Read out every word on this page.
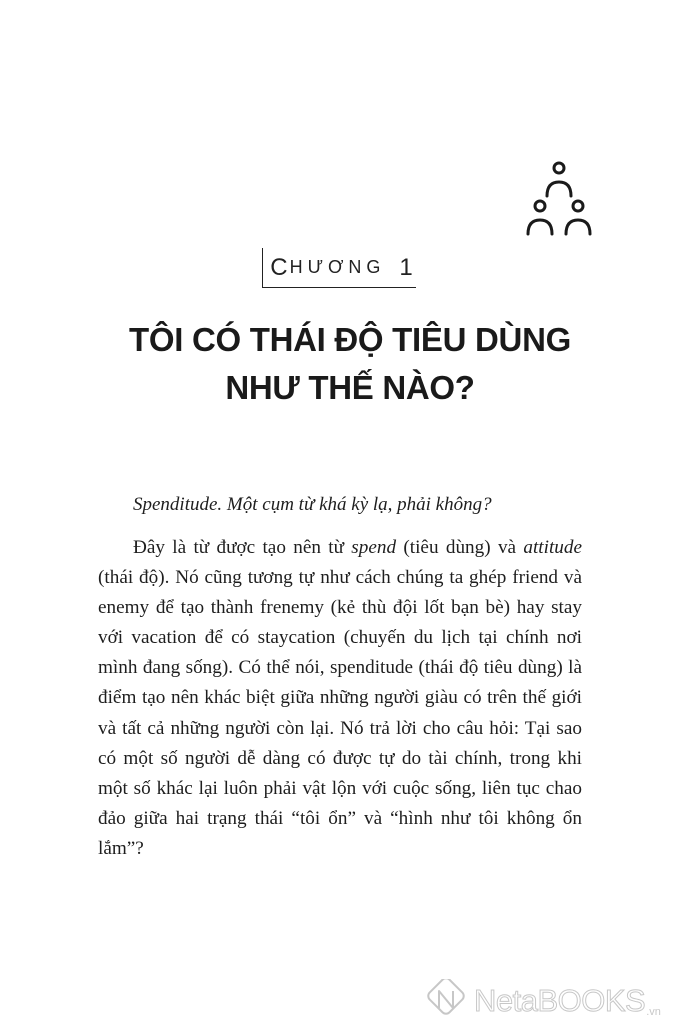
C HƯƠNG 1
TÔI CÓ THÁI ĐỘ TIÊU DÙNG
NHƯ THẾ NÀO?
Spenditude. Một cụm từ khá kỳ lạ, phải không?
Đây là từ được tạo nên từ spend (tiêu dùng) và attitude (thái độ). Nó cũng tương tự như cách chúng ta ghép friend và enemy để tạo thành frenemy (kẻ thù đội lốt bạn bè) hay stay với vacation để có staycation (chuyến du lịch tại chính nơi mình đang sống). Có thể nói, spenditude (thái độ tiêu dùng) là điểm tạo nên khác biệt giữa những người giàu có trên thế giới và tất cả những người còn lại. Nó trả lời cho câu hỏi: Tại sao có một số người dễ dàng có được tự do tài chính, trong khi một số khác lại luôn phải vật lộn với cuộc sống, liên tục chao đảo giữa hai trạng thái “tôi ổn” và “hình như tôi không ổn lắm”?
NetaBOOKS .vn
